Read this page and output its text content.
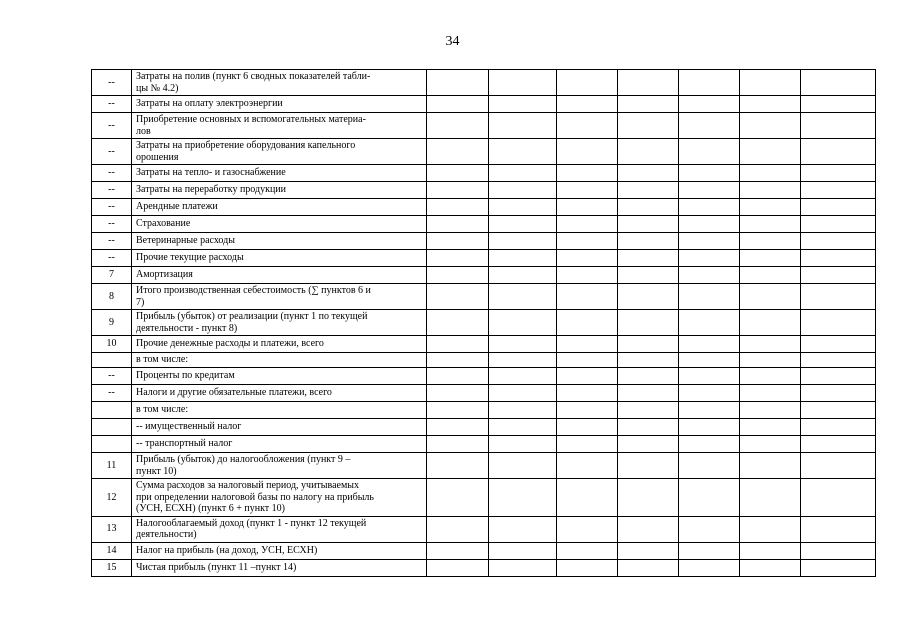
34
--	Затраты на полив (пункт 6 сводных показателей табли-
цы № 4.2)							
--	Затраты на оплату электроэнергии							
--	Приобретение основных и вспомогательных материа-
лов							
--	Затраты на приобретение оборудования капельного
орошения							
--	Затраты на тепло- и газоснабжение							
--	Затраты на переработку продукции							
--	Арендные платежи							
--	Страхование							
--	Ветеринарные расходы							
--	Прочие текущие расходы							
7	Амортизация							
8	Итого производственная себестоимость (∑ пунктов 6 и
7)							
9	Прибыль (убыток) от реализации (пункт 1 по текущей
деятельности - пункт 8)							
10	Прочие денежные расходы и платежи, всего							
	в том числе:							
--	Проценты по кредитам							
--	Налоги и другие обязательные платежи, всего							
	в том числе:							
	-- имущественный налог							
	-- транспортный налог							
11	Прибыль (убыток) до налогообложения (пункт 9 –
пункт 10)							
12	Сумма расходов за налоговый период, учитываемых
при определении налоговой базы по налогу на прибыль
(УСН, ЕСХН) (пункт 6 + пункт 10)							
13	Налогооблагаемый доход (пункт 1 - пункт 12 текущей
деятельности)							
14	Налог на прибыль (на доход, УСН, ЕСХН)							
15	Чистая прибыль (пункт 11 –пункт 14)							
